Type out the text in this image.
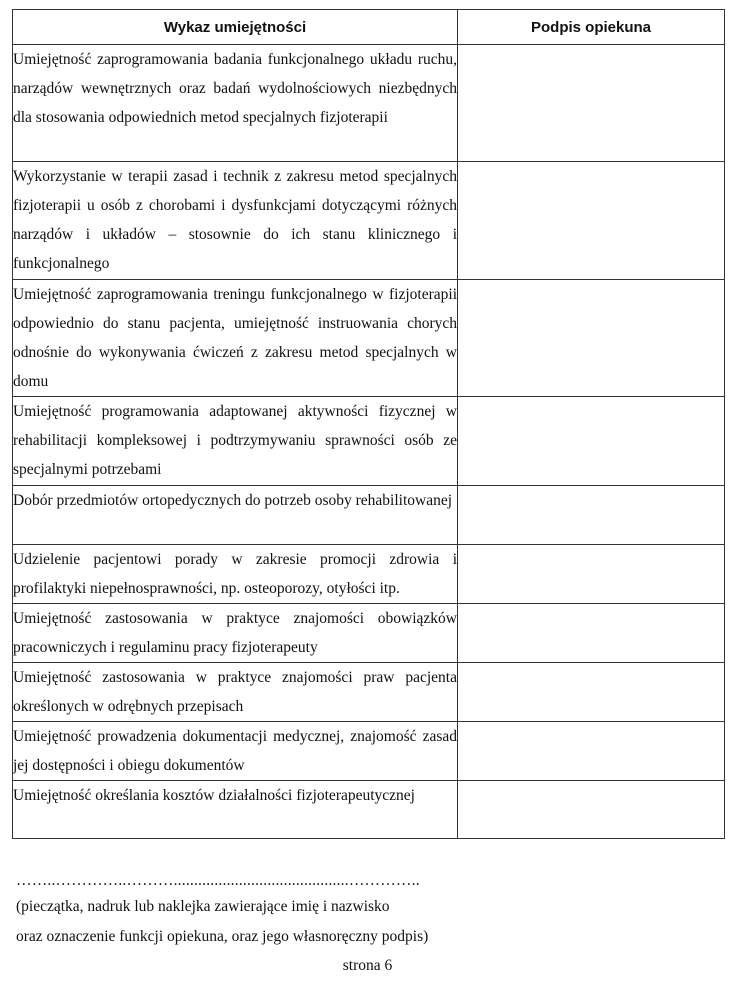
Wykaz umiejętności	Podpis opiekuna
Umiejętność zaprogramowania badania funkcjonalnego układu ruchu, narządów wewnętrznych oraz badań wydolnościowych niezbędnych dla stosowania odpowiednich metod specjalnych fizjoterapii	
Wykorzystanie w terapii zasad i technik z zakresu metod specjalnych fizjoterapii u osób z chorobami i dysfunkcjami dotyczącymi różnych narządów i układów – stosownie do ich stanu klinicznego i funkcjonalnego	
Umiejętność zaprogramowania treningu funkcjonalnego w fizjoterapii odpowiednio do stanu pacjenta, umiejętność instruowania chorych odnośnie do wykonywania ćwiczeń z zakresu metod specjalnych w domu	
Umiejętność programowania adaptowanej aktywności fizycznej w rehabilitacji kompleksowej i podtrzymywaniu sprawności osób ze specjalnymi potrzebami	
Dobór przedmiotów ortopedycznych do potrzeb osoby rehabilitowanej	
Udzielenie pacjentowi porady w zakresie promocji zdrowia i profilaktyki niepełnosprawności, np. osteoporozy, otyłości itp.	
Umiejętność zastosowania w praktyce znajomości obowiązków pracowniczych i regulaminu pracy fizjoterapeuty	
Umiejętność zastosowania w praktyce znajomości praw pacjenta określonych w odrębnych przepisach	
Umiejętność prowadzenia dokumentacji medycznej, znajomość zasad jej dostępności i obiegu dokumentów	
Umiejętność określania kosztów działalności fizjoterapeutycznej	
……..…………..………...........................................…………..
(pieczątka, nadruk lub naklejka zawierające imię i nazwisko
oraz oznaczenie funkcji opiekuna, oraz jego własnoręczny podpis)
strona 6
